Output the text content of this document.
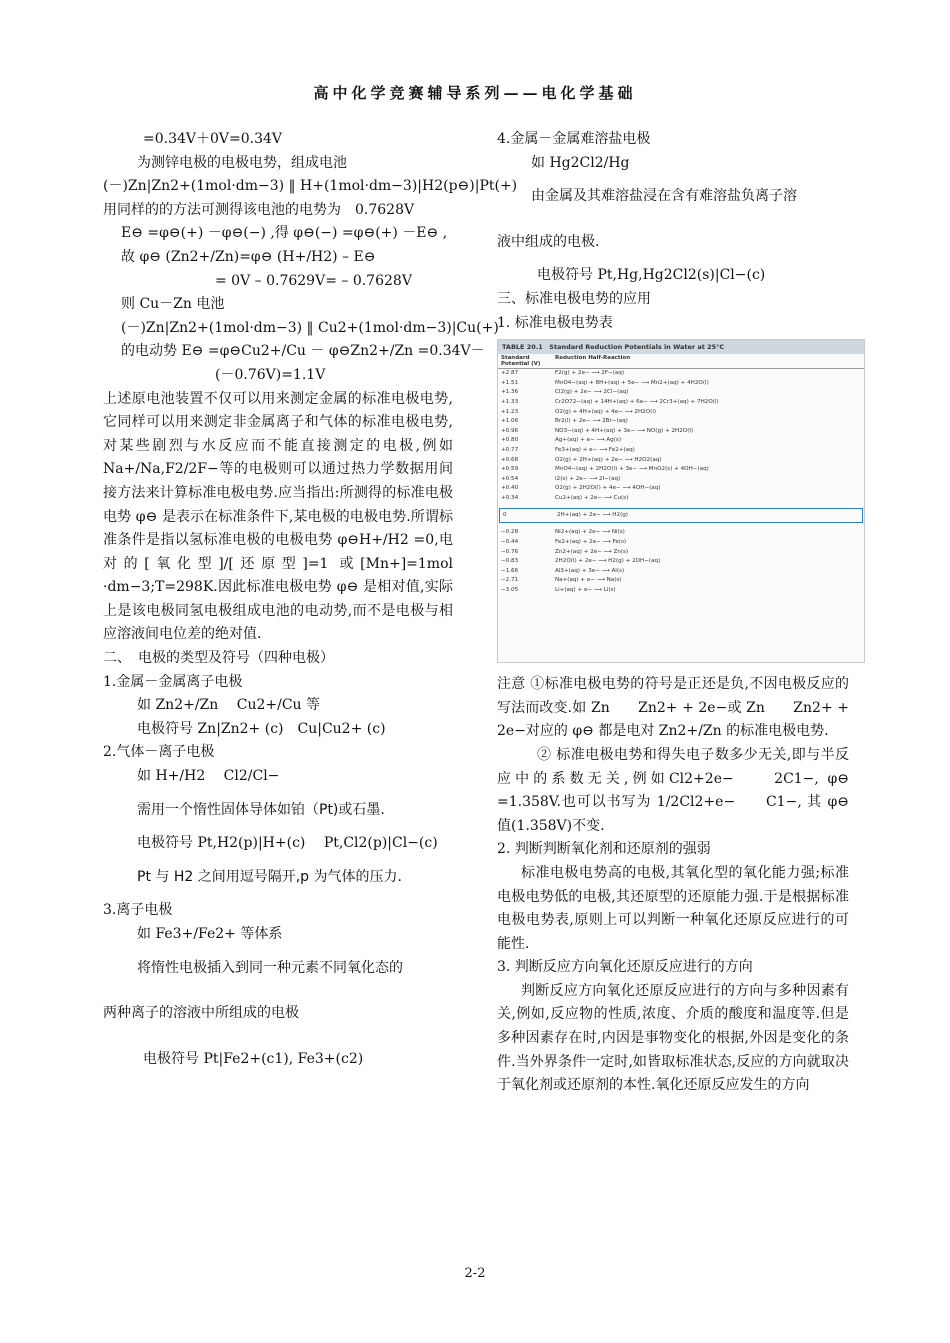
高中化学竞赛辅导系列——电化学基础
=0.34V＋0V=0.34V
为测锌电极的电极电势，组成电池
(－)Zn|Zn2+(1mol·dm−3) ‖ H+(1mol·dm−3)|H2(p⊖)|Pt(+)
用同样的的方法可测得该电池的电势为　0.7628V
E⊖ =φ⊖(+) －φ⊖(−) ,得 φ⊖(−) =φ⊖(+) －E⊖ ,
故 φ⊖ (Zn2+/Zn)=φ⊖ (H+/H2) – E⊖
= 0V – 0.7629V= – 0.7628V
则 Cu－Zn 电池
(－)Zn|Zn2+(1mol·dm−3) ‖ Cu2+(1mol·dm−3)|Cu(+)
的电动势 E⊖ =φ⊖Cu2+/Cu － φ⊖Zn2+/Zn =0.34V－
(－0.76V)=1.1V
上述原电池装置不仅可以用来测定金属的标准电极电势,它同样可以用来测定非金属离子和气体的标准电极电势,对某些剧烈与水反应而不能直接测定的电极,例如 Na+/Na,F2/2F−等的电极则可以通过热力学数据用间接方法来计算标准电极电势.应当指出:所测得的标准电极电势 φ⊖ 是表示在标准条件下,某电极的电极电势.所谓标准条件是指以氢标准电极的电极电势 φ⊖H+/H2 =0,电对的[氧化型]/[还原型]=1 或[Mn+]=1mol ·dm−3;T=298K.因此标准电极电势 φ⊖ 是相对值,实际上是该电极同氢电极组成电池的电动势,而不是电极与相应溶液间电位差的绝对值.
二、　电极的类型及符号（四种电极）
1.金属－金属离子电极
如 Zn2+/Zn　 Cu2+/Cu 等
电极符号 Zn|Zn2+ (c)　Cu|Cu2+ (c)
2.气体－离子电极
如 H+/H2　 Cl2/Cl−
需用一个惰性固体导体如铂（Pt)或石墨.
电极符号 Pt,H2(p)|H+(c)　 Pt,Cl2(p)|Cl−(c)
Pt 与 H2 之间用逗号隔开,p 为气体的压力.
3.离子电极
如 Fe3+/Fe2+ 等体系
将惰性电极插入到同一种元素不同氧化态的
两种离子的溶液中所组成的电极
电极符号 Pt|Fe2+(c1), Fe3+(c2)
4.金属－金属难溶盐电极
如 Hg2Cl2/Hg
由金属及其难溶盐浸在含有难溶盐负离子溶
液中组成的电极.
电极符号 Pt,Hg,Hg2Cl2(s)|Cl−(c)
三、标准电极电势的应用
1. 标准电极电势表
TABLE 20.1　Standard Reduction Potentials in Water at 25°C
Standard Potential (V)
Reduction Half-Reaction
+2.87	F2(g) + 2e− ⟶ 2F−(aq)
+1.51	MnO4−(aq) + 8H+(aq) + 5e− ⟶ Mn2+(aq) + 4H2O(l)
+1.36	Cl2(g) + 2e− ⟶ 2Cl−(aq)
+1.33	Cr2O72−(aq) + 14H+(aq) + 6e− ⟶ 2Cr3+(aq) + 7H2O(l)
+1.23	O2(g) + 4H+(aq) + 4e− ⟶ 2H2O(l)
+1.06	Br2(l) + 2e− ⟶ 2Br−(aq)
+0.96	NO3−(aq) + 4H+(aq) + 3e− ⟶ NO(g) + 2H2O(l)
+0.80	Ag+(aq) + e− ⟶ Ag(s)
+0.77	Fe3+(aq) + e− ⟶ Fe2+(aq)
+0.68	O2(g) + 2H+(aq) + 2e− ⟶ H2O2(aq)
+0.59	MnO4−(aq) + 2H2O(l) + 3e− ⟶ MnO2(s) + 4OH−(aq)
+0.54	I2(s) + 2e− ⟶ 2I−(aq)
+0.40	O2(g) + 2H2O(l) + 4e− ⟶ 4OH−(aq)
+0.34	Cu2+(aq) + 2e− ⟶ Cu(s)
0	2H+(aq) + 2e− ⟶ H2(g)
−0.28	Ni2+(aq) + 2e− ⟶ Ni(s)
−0.44	Fe2+(aq) + 2e− ⟶ Fe(s)
−0.76	Zn2+(aq) + 2e− ⟶ Zn(s)
−0.83	2H2O(l) + 2e− ⟶ H2(g) + 2OH−(aq)
−1.66	Al3+(aq) + 3e− ⟶ Al(s)
−2.71	Na+(aq) + e− ⟶ Na(s)
−3.05	Li+(aq) + e− ⟶ Li(s)
注意 ①标准电极电势的符号是正还是负,不因电极反应的写法而改变.如 Zn　　Zn2+ + 2e−或 Zn　　Zn2+ + 2e−对应的 φ⊖ 都是电对 Zn2+/Zn 的标准电极电势.
② 标准电极电势和得失电子数多少无关,即与半反应中的系数无关,例如Cl2+2e−　　2C1−, φ⊖ =1.358V.也可以书写为 1/2Cl2+e−　　C1−, 其 φ⊖ 值(1.358V)不变.
2. 判断判断氧化剂和还原剂的强弱
标准电极电势高的电极,其氧化型的氧化能力强;标准电极电势低的电极,其还原型的还原能力强.于是根据标准电极电势表,原则上可以判断一种氧化还原反应进行的可能性.
3. 判断反应方向氧化还原反应进行的方向
判断反应方向氧化还原反应进行的方向与多种因素有关,例如,反应物的性质,浓度、介质的酸度和温度等.但是多种因素存在时,内因是事物变化的根据,外因是变化的条件.当外界条件一定时,如皆取标准状态,反应的方向就取决于氧化剂或还原剂的本性.氧化还原反应发生的方向
2-2
